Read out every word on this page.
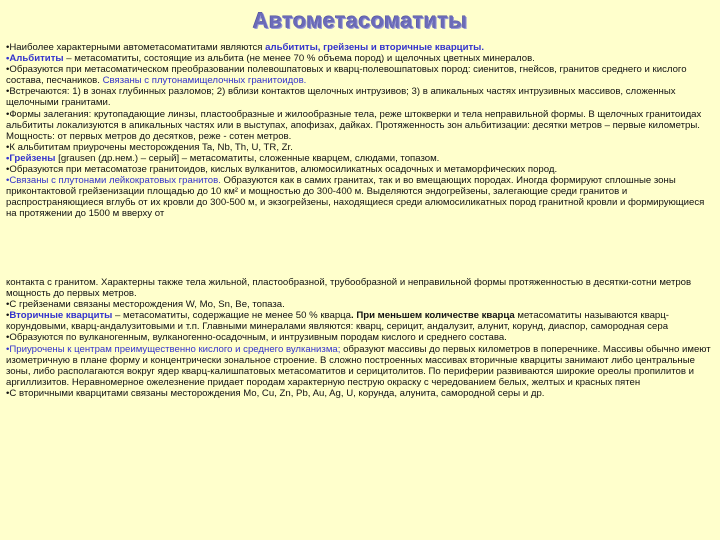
Автометасоматиты

•Наиболее характерными автометасоматитами являются альбититы, грейзены и вторичные кварциты.

•Альбититы – метасоматиты, состоящие из альбита (не менее 70 % объема пород) и щелочных цветных минералов.

•Образуются при метасоматическом преобразовании полевошпатовых и кварц-полевошпатовых пород: сиенитов, гнейсов, гранитов среднего и кислого состава, песчаников. Связаны с плутонамищелочных гранитоидов.

•Встречаются: 1) в зонах глубинных разломов; 2) вблизи контактов щелочных интрузивов; 3) в апикальных частях интрузивных массивов, сложенных щелочными гранитами.

•Формы залегания: крутопадающие линзы, пластообразные и жилообразные тела, реже штокверки и тела неправильной формы. В щелочных гранитоидах альбититы локализуются в апикальных частях или в выступах, апофизах, дайках. Протяженность зон альбитизации: десятки метров – первые километры. Мощность: от первых метров до десятков, реже - сотен метров.

•К альбититам приурочены месторождения Ta, Nb, Th, U, TR, Zr.

•Грейзены [grausen (др.нем.) – серый] – метасоматиты, сложенные кварцем, слюдами, топазом.

•Образуются при метасоматозе гранитоидов, кислых вулканитов, алюмосиликатных осадочных и метаморфических пород.

•Связаны с плутонами лейкократовых гранитов. Образуются как в самих гранитах, так и во вмещающих породах. Иногда формируют сплошные зоны приконтактовой грейзенизации площадью до 10 км² и мощностью до 300-400 м. Выделяются эндогрейзены, залегающие среди гранитов и распространяющиеся вглубь от их кровли до 300-500 м, и экзогрейзены, находящиеся среди алюмосиликатных пород гранитной кровли и формирующиеся на протяжении до 1500 м вверху от

контакта с гранитом. Характерны также тела жильной, пластообразной, трубообразной и неправильной формы протяженностью в десятки-сотни метров мощность до первых метров.

•С грейзенами связаны месторождения W, Mo, Sn, Be, топаза.

•Вторичные кварциты – метасоматиты, содержащие не менее 50 % кварца. При меньшем количестве кварца метасоматиты называются кварц-корундовыми, кварц-андалузитовыми и т.п. Главными минералами являются: кварц, серицит, андалузит, алунит, корунд, диаспор, самородная сера

•Образуются по вулканогенным, вулканогенно-осадочным, и интрузивным породам кислого и среднего состава.

•Приурочены к центрам преимущественно кислого и среднего вулканизма; образуют массивы до первых километров в поперечнике. Массивы обычно имеют изометричную в плане форму и концентрически зональное строение. В сложно построенных массивах вторичные кварциты занимают либо центральные зоны, либо располагаются вокруг ядер кварц-калишпатовых метасоматитов и серицитолитов. По периферии развиваются широкие ореолы пропилитов и аргиллизитов. Неравномерное ожелезнение придает породам характерную пеструю окраску с чередованием белых, желтых и красных пятен

•С вторичными кварцитами связаны месторождения Mo, Cu, Zn, Pb, Au, Ag, U, корунда, алунита, самородной серы и др.
